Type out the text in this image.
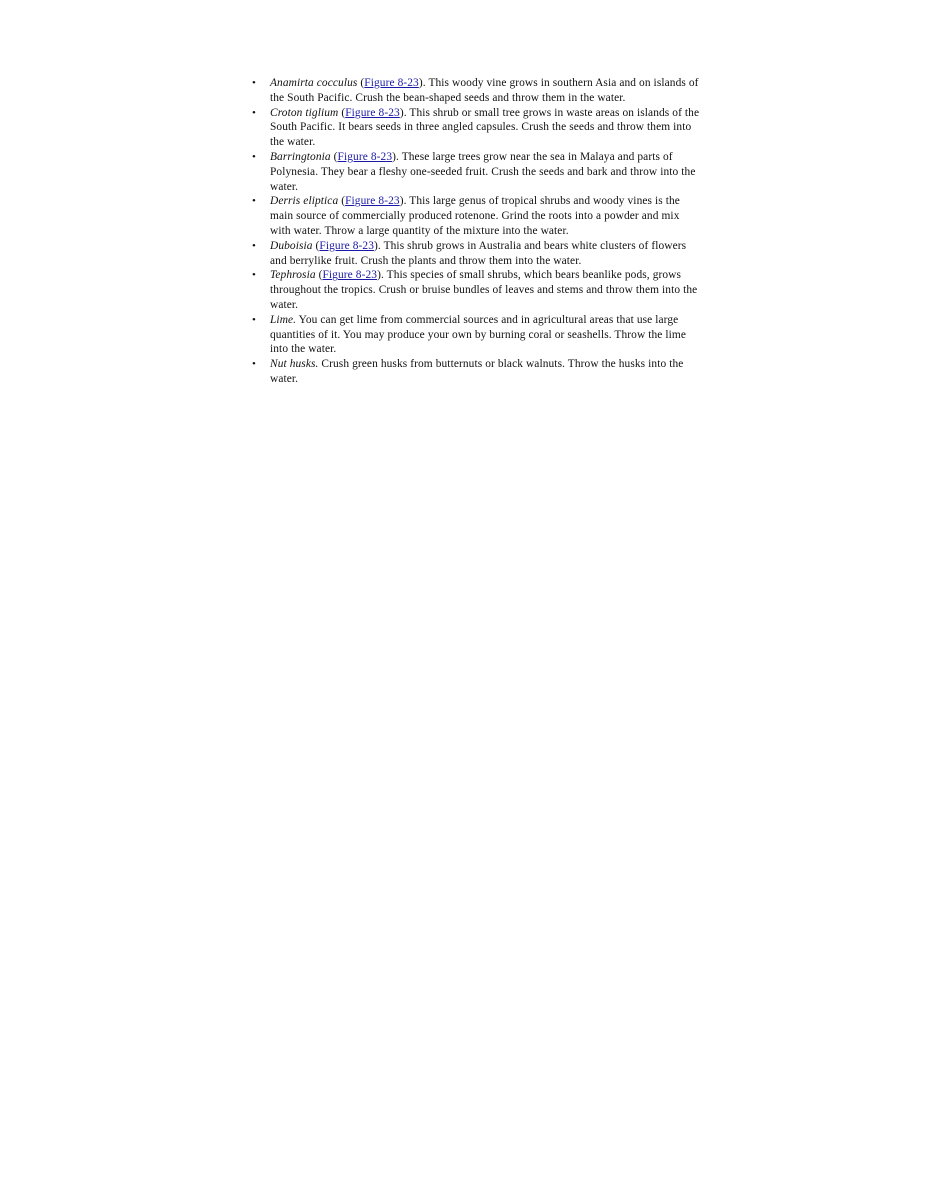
• Anamirta cocculus (Figure 8-23). This woody vine grows in southern Asia and on islands of the South Pacific. Crush the bean-shaped seeds and throw them in the water.
• Croton tiglium (Figure 8-23). This shrub or small tree grows in waste areas on islands of the South Pacific. It bears seeds in three angled capsules. Crush the seeds and throw them into the water.
• Barringtonia (Figure 8-23). These large trees grow near the sea in Malaya and parts of Polynesia. They bear a fleshy one-seeded fruit. Crush the seeds and bark and throw into the water.
• Derris eliptica (Figure 8-23). This large genus of tropical shrubs and woody vines is the main source of commercially produced rotenone. Grind the roots into a powder and mix with water. Throw a large quantity of the mixture into the water.
• Duboisia (Figure 8-23). This shrub grows in Australia and bears white clusters of flowers and berrylike fruit. Crush the plants and throw them into the water.
• Tephrosia (Figure 8-23). This species of small shrubs, which bears beanlike pods, grows throughout the tropics. Crush or bruise bundles of leaves and stems and throw them into the water.
• Lime. You can get lime from commercial sources and in agricultural areas that use large quantities of it. You may produce your own by burning coral or seashells. Throw the lime into the water.
• Nut husks. Crush green husks from butternuts or black walnuts. Throw the husks into the water.
